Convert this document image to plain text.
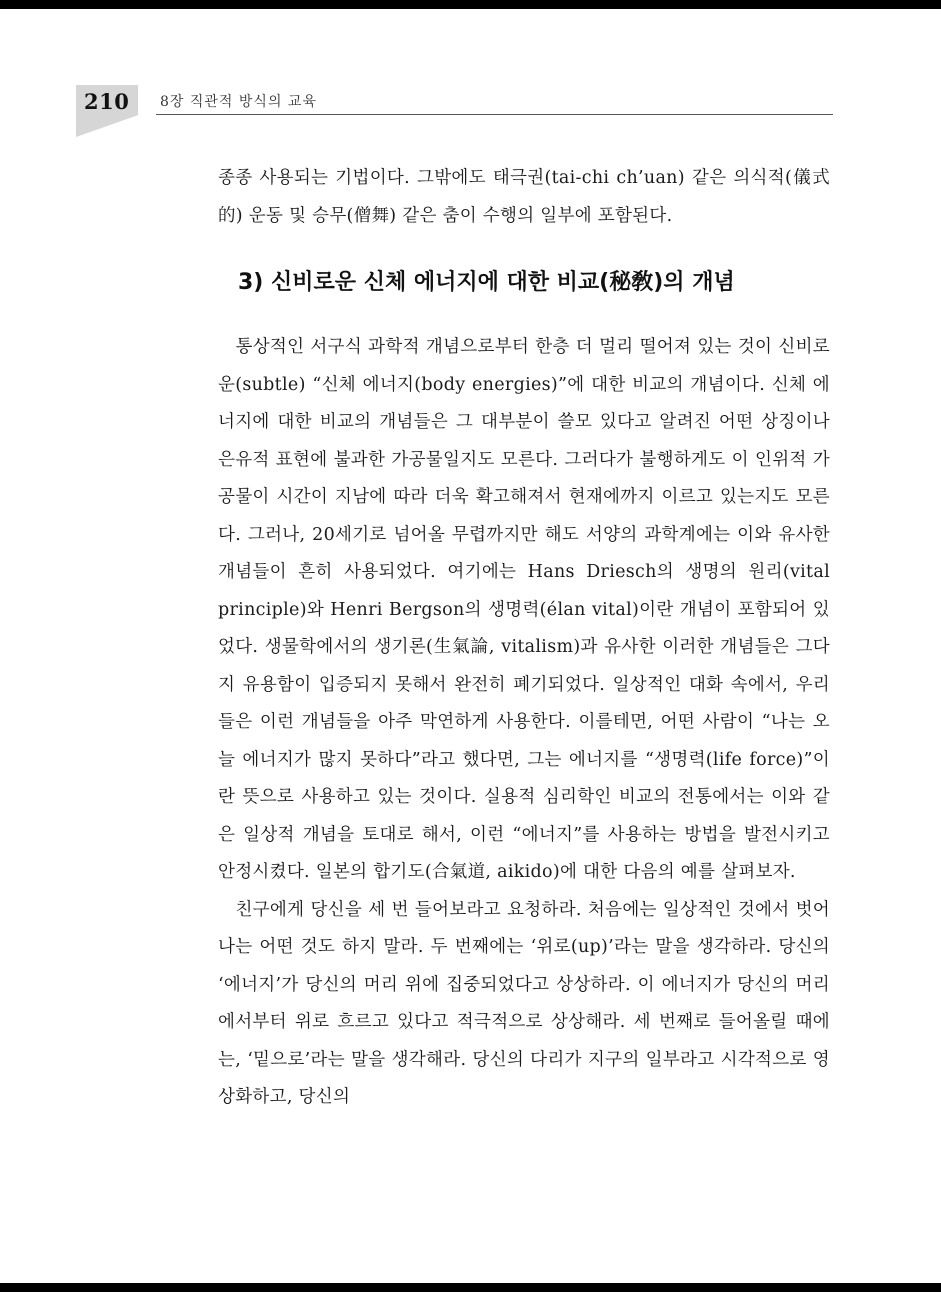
210 8장 직관적 방식의 교육

종종 사용되는 기법이다. 그밖에도 태극권(tai-chi ch’uan) 같은 의식적(儀式的) 운동 및 승무(僧舞) 같은 춤이 수행의 일부에 포함된다.

3) 신비로운 신체 에너지에 대한 비교(秘敎)의 개념

통상적인 서구식 과학적 개념으로부터 한층 더 멀리 떨어져 있는 것이 신비로운(subtle) “신체 에너지(body energies)”에 대한 비교의 개념이다. 신체 에너지에 대한 비교의 개념들은 그 대부분이 쓸모 있다고 알려진 어떤 상징이나 은유적 표현에 불과한 가공물일지도 모른다. 그러다가 불행하게도 이 인위적 가공물이 시간이 지남에 따라 더욱 확고해져서 현재에까지 이르고 있는지도 모른다. 그러나, 20세기로 넘어올 무렵까지만 해도 서양의 과학계에는 이와 유사한 개념들이 흔히 사용되었다. 여기에는 Hans Driesch의 생명의 원리(vital principle)와 Henri Bergson의 생명력(élan vital)이란 개념이 포함되어 있었다. 생물학에서의 생기론(生氣論, vitalism)과 유사한 이러한 개념들은 그다지 유용함이 입증되지 못해서 완전히 폐기되었다. 일상적인 대화 속에서, 우리들은 이런 개념들을 아주 막연하게 사용한다. 이를테면, 어떤 사람이 “나는 오늘 에너지가 많지 못하다”라고 했다면, 그는 에너지를 “생명력(life force)”이란 뜻으로 사용하고 있는 것이다. 실용적 심리학인 비교의 전통에서는 이와 같은 일상적 개념을 토대로 해서, 이런 “에너지”를 사용하는 방법을 발전시키고 안정시켰다. 일본의 합기도(合氣道, aikido)에 대한 다음의 예를 살펴보자.

친구에게 당신을 세 번 들어보라고 요청하라. 처음에는 일상적인 것에서 벗어나는 어떤 것도 하지 말라. 두 번째에는 ‘위로(up)’라는 말을 생각하라. 당신의 ‘에너지’가 당신의 머리 위에 집중되었다고 상상하라. 이 에너지가 당신의 머리에서부터 위로 흐르고 있다고 적극적으로 상상해라. 세 번째로 들어올릴 때에는, ‘밑으로’라는 말을 생각해라. 당신의 다리가 지구의 일부라고 시각적으로 영상화하고, 당신의
